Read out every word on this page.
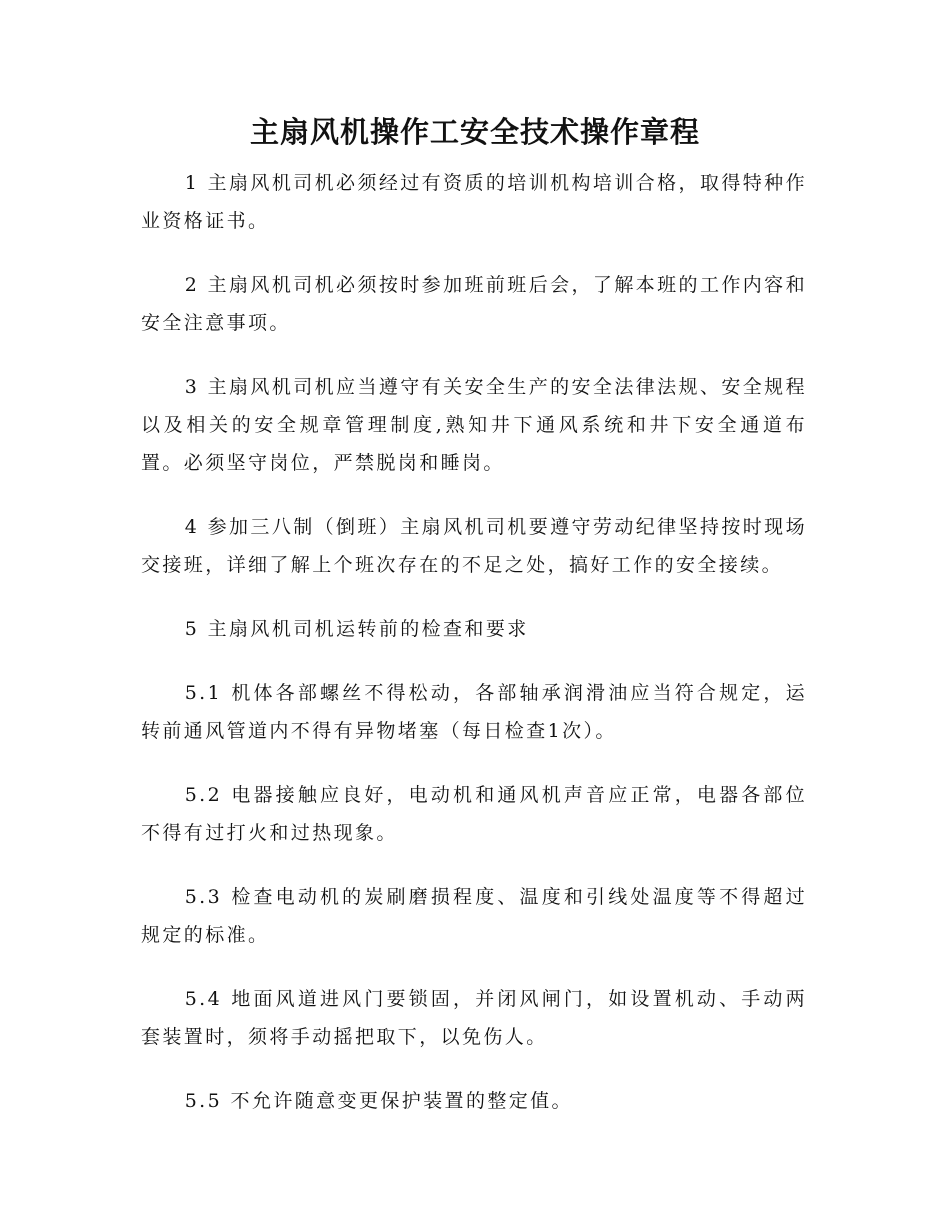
主扇风机操作工安全技术操作章程

1 主扇风机司机必须经过有资质的培训机构培训合格，取得特种作业资格证书。

2 主扇风机司机必须按时参加班前班后会，了解本班的工作内容和安全注意事项。

3 主扇风机司机应当遵守有关安全生产的安全法律法规、安全规程以及相关的安全规章管理制度,熟知井下通风系统和井下安全通道布置。必须坚守岗位，严禁脱岗和睡岗。

4 参加三八制（倒班）主扇风机司机要遵守劳动纪律坚持按时现场交接班，详细了解上个班次存在的不足之处，搞好工作的安全接续。

5 主扇风机司机运转前的检查和要求

5.1 机体各部螺丝不得松动，各部轴承润滑油应当符合规定，运转前通风管道内不得有异物堵塞（每日检查1次）。

5.2 电器接触应良好，电动机和通风机声音应正常，电器各部位不得有过打火和过热现象。

5.3 检查电动机的炭刷磨损程度、温度和引线处温度等不得超过规定的标准。

5.4 地面风道进风门要锁固，并闭风闸门，如设置机动、手动两套装置时，须将手动摇把取下，以免伤人。

5.5 不允许随意变更保护装置的整定值。
